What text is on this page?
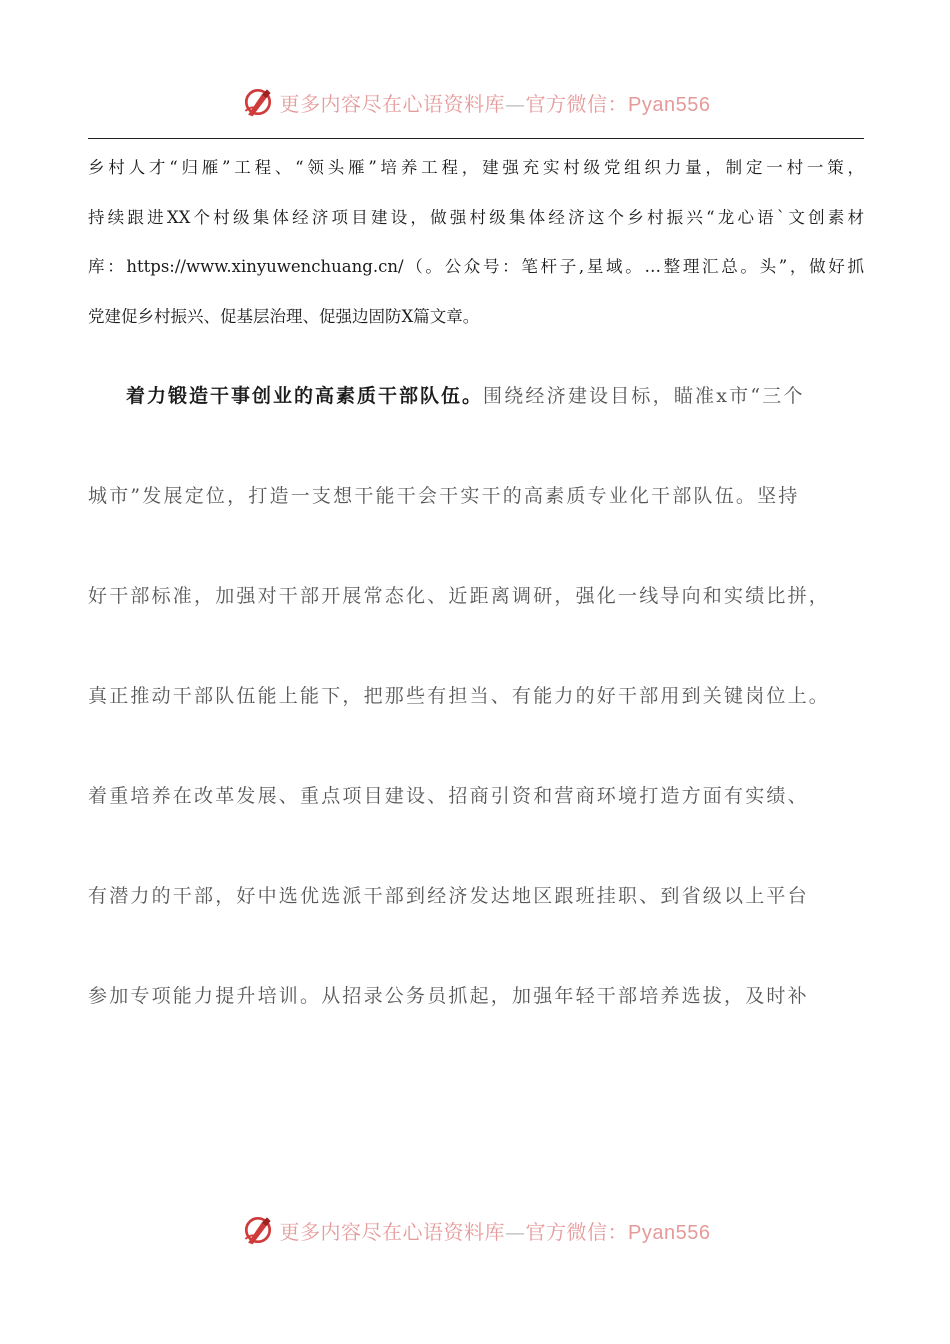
更多内容尽在心语资料库—官方微信：Pyan556
乡村人才“归雁”工程、“领头雁”培养工程，建强充实村级党组织力量，制定一村一策，
持续跟进XX个村级集体经济项目建设，做强村级集体经济这个乡村振兴“龙心语`文创素材
库：https://www.xinyuwenchuang.cn/（。公众号：笔杆子,星域。…整理汇总。头”，做好抓
党建促乡村振兴、促基层治理、促强边固防X篇文章。
着力锻造干事创业的高素质干部队伍。围绕经济建设目标，瞄准x市“三个
城市”发展定位，打造一支想干能干会干实干的高素质专业化干部队伍。坚持
好干部标准，加强对干部开展常态化、近距离调研，强化一线导向和实绩比拼，
真正推动干部队伍能上能下，把那些有担当、有能力的好干部用到关键岗位上。
着重培养在改革发展、重点项目建设、招商引资和营商环境打造方面有实绩、
有潜力的干部，好中选优选派干部到经济发达地区跟班挂职、到省级以上平台
参加专项能力提升培训。从招录公务员抓起，加强年轻干部培养选拔，及时补
更多内容尽在心语资料库—官方微信：Pyan556
